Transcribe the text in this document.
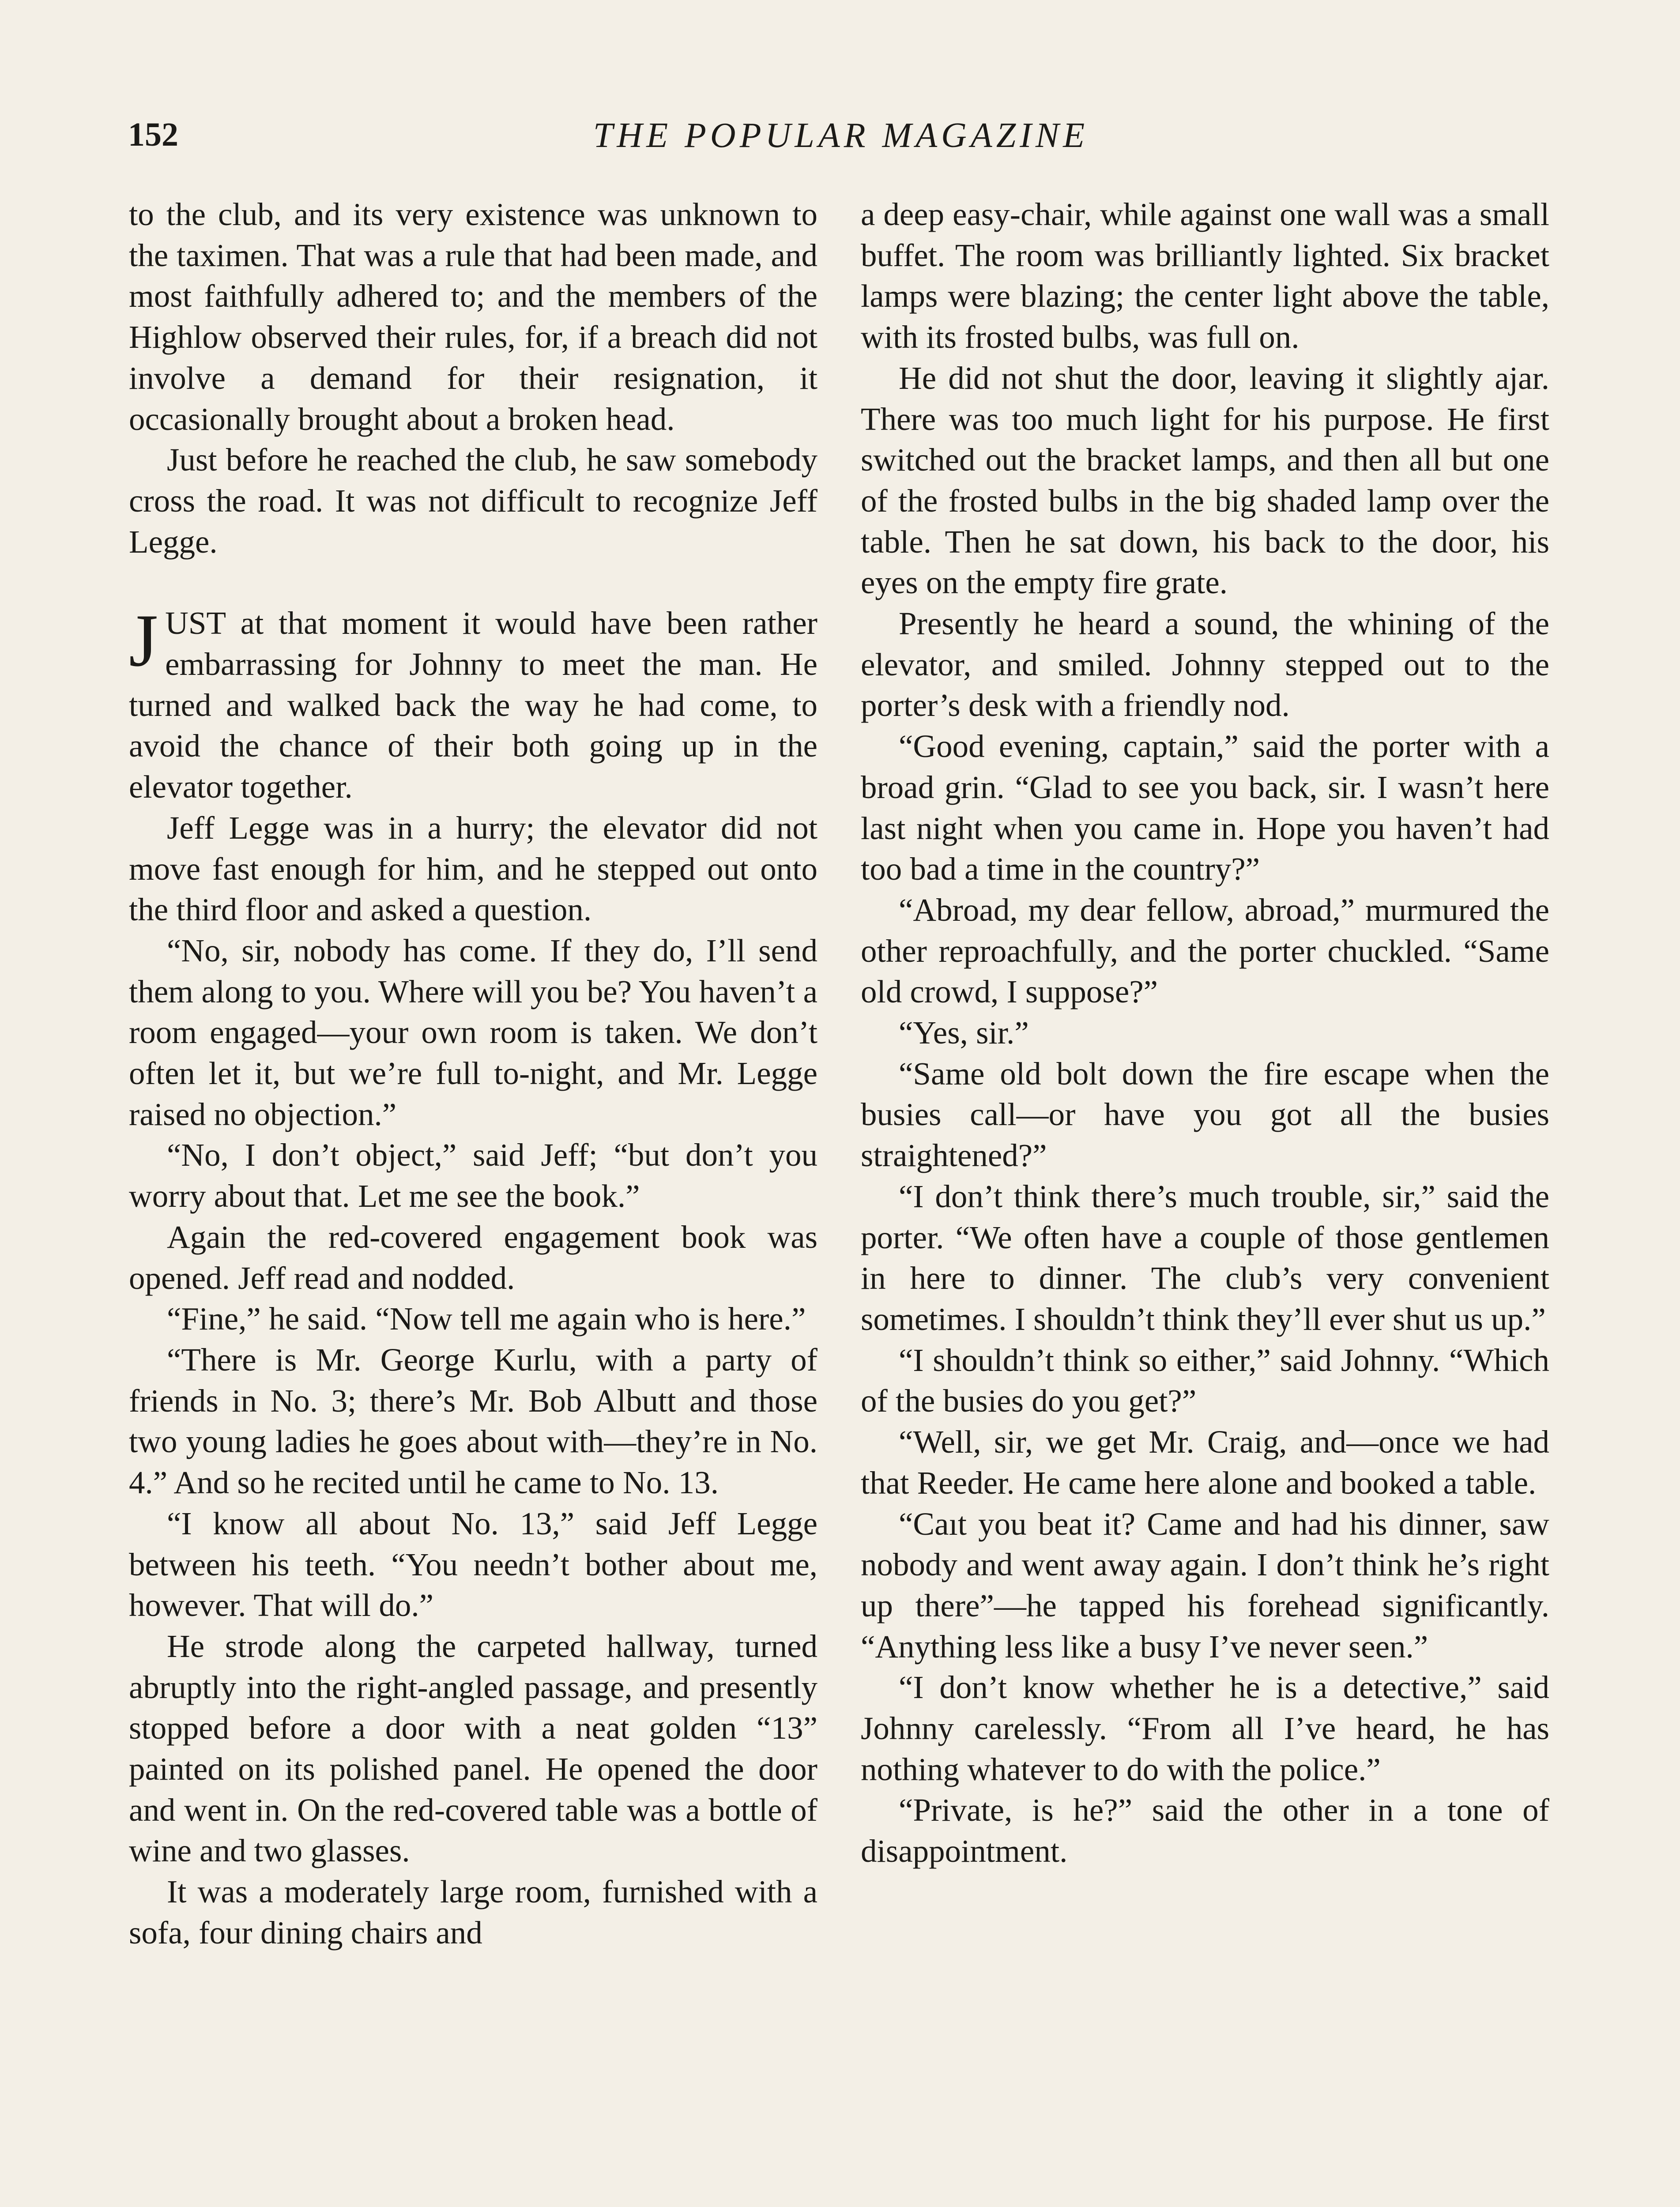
152	THE POPULAR MAGAZINE

to the club, and its very existence was unknown to the taximen. That was a rule that had been made, and most faithfully adhered to; and the members of the Highlow observed their rules, for, if a breach did not involve a demand for their resignation, it occasionally brought about a broken head.

Just before he reached the club, he saw somebody cross the road. It was not difficult to recognize Jeff Legge.

JUST at that moment it would have been rather embarrassing for Johnny to meet the man. He turned and walked back the way he had come, to avoid the chance of their both going up in the elevator together.

Jeff Legge was in a hurry; the elevator did not move fast enough for him, and he stepped out onto the third floor and asked a question.

“No, sir, nobody has come. If they do, I’ll send them along to you. Where will you be? You haven’t a room engaged—your own room is taken. We don’t often let it, but we’re full to-night, and Mr. Legge raised no objection.”

“No, I don’t object,” said Jeff; “but don’t you worry about that. Let me see the book.”

Again the red-covered engagement book was opened. Jeff read and nodded.

“Fine,” he said. “Now tell me again who is here.”

“There is Mr. George Kurlu, with a party of friends in No. 3; there’s Mr. Bob Albutt and those two young ladies he goes about with—they’re in No. 4.” And so he recited until he came to No. 13.

“I know all about No. 13,” said Jeff Legge between his teeth. “You needn’t bother about me, however. That will do.”

He strode along the carpeted hallway, turned abruptly into the right-angled passage, and presently stopped before a door with a neat golden “13” painted on its polished panel. He opened the door and went in. On the red-covered table was a bottle of wine and two glasses.

It was a moderately large room, furnished with a sofa, four dining chairs and

a deep easy-chair, while against one wall was a small buffet. The room was brilliantly lighted. Six bracket lamps were blazing; the center light above the table, with its frosted bulbs, was full on.

He did not shut the door, leaving it slightly ajar. There was too much light for his purpose. He first switched out the bracket lamps, and then all but one of the frosted bulbs in the big shaded lamp over the table. Then he sat down, his back to the door, his eyes on the empty fire grate.

Presently he heard a sound, the whining of the elevator, and smiled. Johnny stepped out to the porter’s desk with a friendly nod.

“Good evening, captain,” said the porter with a broad grin. “Glad to see you back, sir. I wasn’t here last night when you came in. Hope you haven’t had too bad a time in the country?”

“Abroad, my dear fellow, abroad,” murmured the other reproachfully, and the porter chuckled. “Same old crowd, I suppose?”

“Yes, sir.”

“Same old bolt down the fire escape when the busies call—or have you got all the busies straightened?”

“I don’t think there’s much trouble, sir,” said the porter. “We often have a couple of those gentlemen in here to dinner. The club’s very convenient sometimes. I shouldn’t think they’ll ever shut us up.”

“I shouldn’t think so either,” said Johnny. “Which of the busies do you get?”

“Well, sir, we get Mr. Craig, and—once we had that Reeder. He came here alone and booked a table.

“Caıt you beat it? Came and had his dinner, saw nobody and went away again. I don’t think he’s right up there”—he tapped his forehead significantly. “Anything less like a busy I’ve never seen.”

“I don’t know whether he is a detective,” said Johnny carelessly. “From all I’ve heard, he has nothing whatever to do with the police.”

“Private, is he?” said the other in a tone of disappointment.
